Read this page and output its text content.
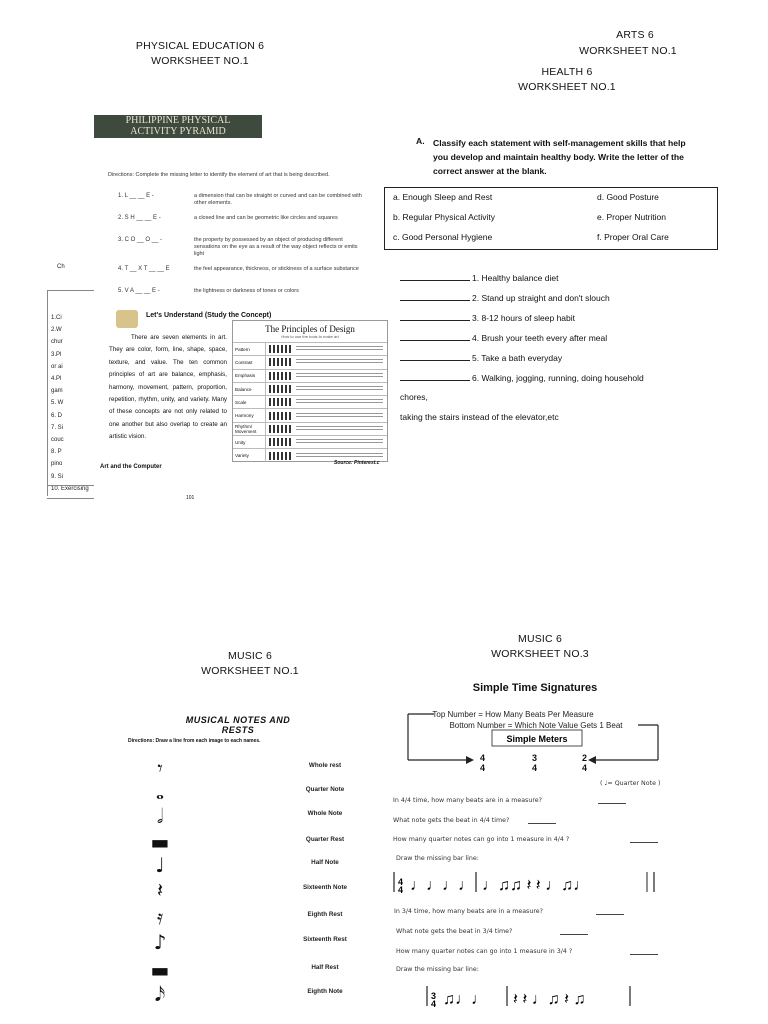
PHYSICAL EDUCATION 6
WORKSHEET NO.1
PHILIPPINE PHYSICAL
ACTIVITY PYRAMID
Ch
1.Ci
2.W
chur
3.Pl
or ai
4.Pl
gam
5. W
6. D
7. Si
couc
8. P
pino
9. Si
10. Exercising
Directions: Complete the missing letter to identify the element of art that is being described.
1. L __ __ E -	a dimension that can be straight or curved and can be combined with other elements.
2. S H __ __ E -	a closed line and can be geometric like circles and squares
3. C O __ O __ -	the property by possessed by an object of producing different sensations on the eye as a result of the way object reflects or emits light
4. T __ X T __ __ E	the feel appearance, thickness, or stickiness of a surface substance
5. V A __ __ E -	the lightness or darkness of tones or colors
Let's Understand (Study the Concept)
There are seven elements in art. They are color, form, line, shape, space, texture, and value. The ten common principles of art are balance, emphasis, harmony, movement, pattern, proportion, repetition, rhythm, unity, and variety. Many of these concepts are not only related to one another but also overlap to create an artistic vision.
The Principles of Design
How to use the tools to make art
Pattern
Contrast
Emphasis
Balance
Scale
Harmony
Rhythm/ Movement
Unity
Variety
Source: Pinterest.c
Art and the Computer
101
ARTS 6
WORKSHEET NO.1
HEALTH 6
WORKSHEET NO.1
A. Classify each statement with self-management skills that help you develop and maintain healthy body. Write the letter of the correct answer at the blank.
a. Enough Sleep and Rest	d. Good Posture
b. Regular Physical Activity	e. Proper Nutrition
c. Good Personal Hygiene	f. Proper Oral Care
1. Healthy balance diet
2. Stand up straight and don't slouch
3. 8-12 hours of sleep habit
4. Brush your teeth every after meal
5. Take a bath everyday
6. Walking, jogging, running, doing household
chores,
taking the stairs instead of the elevator,etc
MUSIC 6
WORKSHEET NO.1
MUSICAL NOTES AND RESTS
Directions: Draw a line from each image to each names.
𝄾	Whole rest
𝅝	Quarter Note
𝅗𝅥	Whole Note
▬	Quarter Rest
♩	Half Note
𝄽	Sixteenth Note
𝄿	Eighth Rest
♪	Sixteenth Rest
▬	Half Rest
𝅘𝅥𝅯	Eighth Note
MUSIC 6
WORKSHEET NO.3
Simple Time Signatures
Top Number = How Many Beats Per Measure
Bottom Number = Which Note Value Gets 1 Beat
Simple Meters
4
4
3
4
2
4
( ♩= Quarter Note )
In 4/4 time, how many beats are in a measure?
What note gets the beat in 4/4 time?
How many quarter notes can go into 1 measure in 4/4 ?
Draw the missing bar line:
4
4 ♩♩♩♩ ♩♫♫ 𝄽 𝄽 ♩♫♩
In 3/4 time, how many beats are in a measure?
What note gets the beat in 3/4 time?
How many quarter notes can go into 1 measure in 3/4 ?
Draw the missing bar line:
3
4 ♫♩♩ 𝄽 𝄽 ♩♫ 𝄽 ♫
